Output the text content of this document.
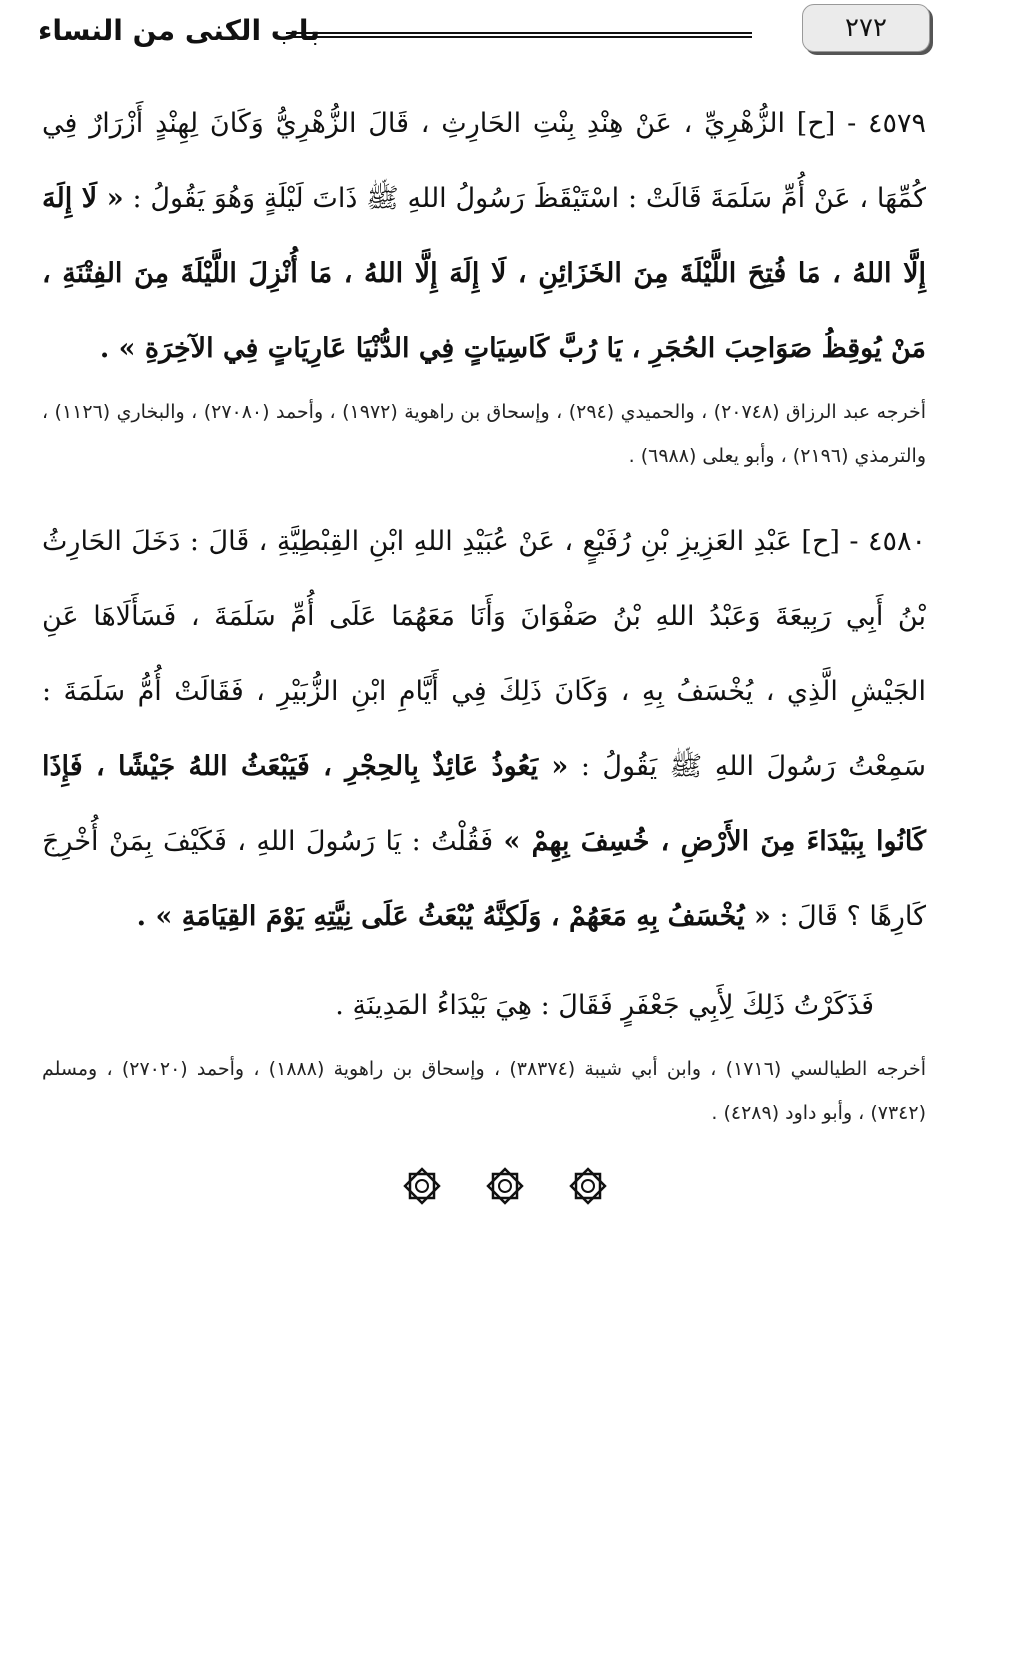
٢٧٢
باب الكنى من النساء

٤٥٧٩ - [ح] الزُّهْرِيِّ ، عَنْ هِنْدِ بِنْتِ الحَارِثِ ، قَالَ الزُّهْرِيُّ وَكَانَ لِهِنْدٍ أَزْرَارٌ فِي كُمِّهَا ، عَنْ أُمِّ سَلَمَةَ قَالَتْ : اسْتَيْقَظَ رَسُولُ اللهِ ﷺ ذَاتَ لَيْلَةٍ وَهُوَ يَقُولُ : « لَا إِلَهَ إِلَّا اللهُ ، مَا فُتِحَ اللَّيْلَةَ مِنَ الخَزَائِنِ ، لَا إِلَهَ إِلَّا اللهُ ، مَا أُنْزِلَ اللَّيْلَةَ مِنَ الفِتْنَةِ ، مَنْ يُوقِظُ صَوَاحِبَ الحُجَرِ ، يَا رُبَّ كَاسِيَاتٍ فِي الدُّنْيَا عَارِيَاتٍ فِي الآخِرَةِ » .

أخرجه عبد الرزاق (٢٠٧٤٨) ، والحميدي (٢٩٤) ، وإسحاق بن راهوية (١٩٧٢) ، وأحمد (٢٧٠٨٠) ، والبخاري (١١٢٦) ، والترمذي (٢١٩٦) ، وأبو يعلى (٦٩٨٨) .

٤٥٨٠ - [ح] عَبْدِ العَزِيزِ بْنِ رُفَيْعٍ ، عَنْ عُبَيْدِ اللهِ ابْنِ القِبْطِيَّةِ ، قَالَ : دَخَلَ الحَارِثُ بْنُ أَبِي رَبِيعَةَ وَعَبْدُ اللهِ بْنُ صَفْوَانَ وَأَنَا مَعَهُمَا عَلَى أُمِّ سَلَمَةَ ، فَسَأَلَاهَا عَنِ الجَيْشِ الَّذِي ، يُخْسَفُ بِهِ ، وَكَانَ ذَلِكَ فِي أَيَّامِ ابْنِ الزُّبَيْرِ ، فَقَالَتْ أُمُّ سَلَمَةَ : سَمِعْتُ رَسُولَ اللهِ ﷺ يَقُولُ : « يَعُوذُ عَائِذٌ بِالحِجْرِ ، فَيَبْعَثُ اللهُ جَيْشًا ، فَإِذَا كَانُوا بِبَيْدَاءَ مِنَ الأَرْضِ ، خُسِفَ بِهِمْ » فَقُلْتُ : يَا رَسُولَ اللهِ ، فَكَيْفَ بِمَنْ أُخْرِجَ كَارِهًا ؟ قَالَ : « يُخْسَفُ بِهِ مَعَهُمْ ، وَلَكِنَّهُ يُبْعَثُ عَلَى نِيَّتِهِ يَوْمَ القِيَامَةِ » .

فَذَكَرْتُ ذَلِكَ لِأَبِي جَعْفَرٍ فَقَالَ : هِيَ بَيْدَاءُ المَدِينَةِ .

أخرجه الطيالسي (١٧١٦) ، وابن أبي شيبة (٣٨٣٧٤) ، وإسحاق بن راهوية (١٨٨٨) ، وأحمد (٢٧٠٢٠) ، ومسلم (٧٣٤٢) ، وأبو داود (٤٢٨٩) .
